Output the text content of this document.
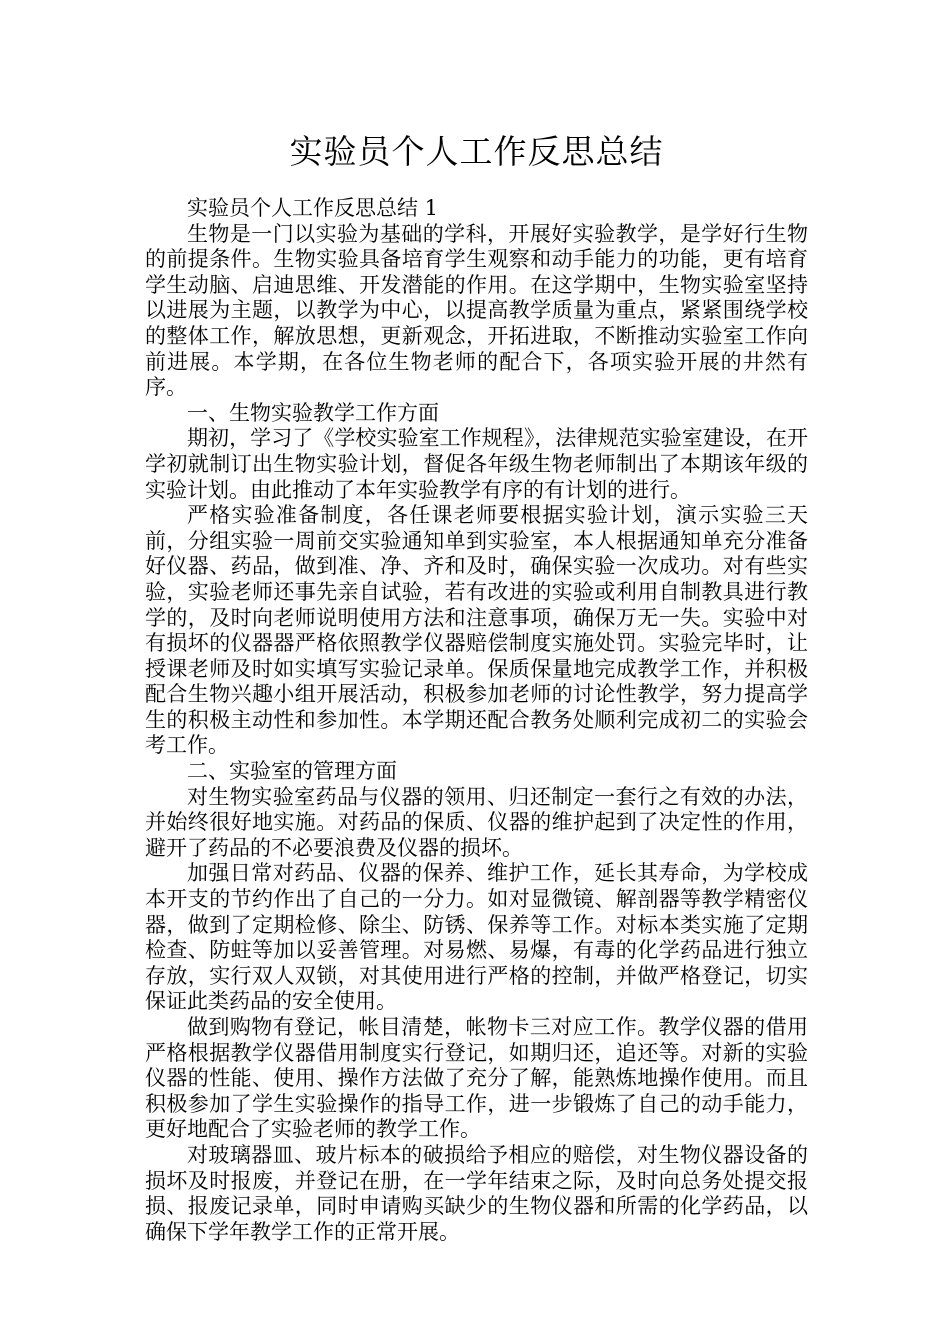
实验员个人工作反思总结

实验员个人工作反思总结 1

生物是一门以实验为基础的学科，开展好实验教学，是学好行生物的前提条件。生物实验具备培育学生观察和动手能力的功能，更有培育学生动脑、启迪思维、开发潜能的作用。在这学期中，生物实验室坚持以进展为主题，以教学为中心，以提高教学质量为重点，紧紧围绕学校的整体工作，解放思想，更新观念，开拓进取，不断推动实验室工作向前进展。本学期，在各位生物老师的配合下，各项实验开展的井然有序。

一、生物实验教学工作方面

期初，学习了《学校实验室工作规程》，法律规范实验室建设，在开学初就制订出生物实验计划，督促各年级生物老师制出了本期该年级的实验计划。由此推动了本年实验教学有序的有计划的进行。

严格实验准备制度，各任课老师要根据实验计划，演示实验三天前，分组实验一周前交实验通知单到实验室，本人根据通知单充分准备好仪器、药品，做到准、净、齐和及时，确保实验一次成功。对有些实验，实验老师还事先亲自试验，若有改进的实验或利用自制教具进行教学的，及时向老师说明使用方法和注意事项，确保万无一失。实验中对有损坏的仪器器严格依照教学仪器赔偿制度实施处罚。实验完毕时，让授课老师及时如实填写实验记录单。保质保量地完成教学工作，并积极配合生物兴趣小组开展活动，积极参加老师的讨论性教学，努力提高学生的积极主动性和参加性。本学期还配合教务处顺利完成初二的实验会考工作。

二、实验室的管理方面

对生物实验室药品与仪器的领用、归还制定一套行之有效的办法，并始终很好地实施。对药品的保质、仪器的维护起到了决定性的作用，避开了药品的不必要浪费及仪器的损坏。

加强日常对药品、仪器的保养、维护工作，延长其寿命，为学校成本开支的节约作出了自己的一分力。如对显微镜、解剖器等教学精密仪器，做到了定期检修、除尘、防锈、保养等工作。对标本类实施了定期检查、防蛀等加以妥善管理。对易燃、易爆，有毒的化学药品进行独立存放，实行双人双锁，对其使用进行严格的控制，并做严格登记，切实保证此类药品的安全使用。

做到购物有登记，帐目清楚，帐物卡三对应工作。教学仪器的借用严格根据教学仪器借用制度实行登记，如期归还，追还等。对新的实验仪器的性能、使用、操作方法做了充分了解，能熟炼地操作使用。而且积极参加了学生实验操作的指导工作，进一步锻炼了自己的动手能力，更好地配合了实验老师的教学工作。

对玻璃器皿、玻片标本的破损给予相应的赔偿，对生物仪器设备的损坏及时报废，并登记在册，在一学年结束之际，及时向总务处提交报损、报废记录单，同时申请购买缺少的生物仪器和所需的化学药品，以确保下学年教学工作的正常开展。
